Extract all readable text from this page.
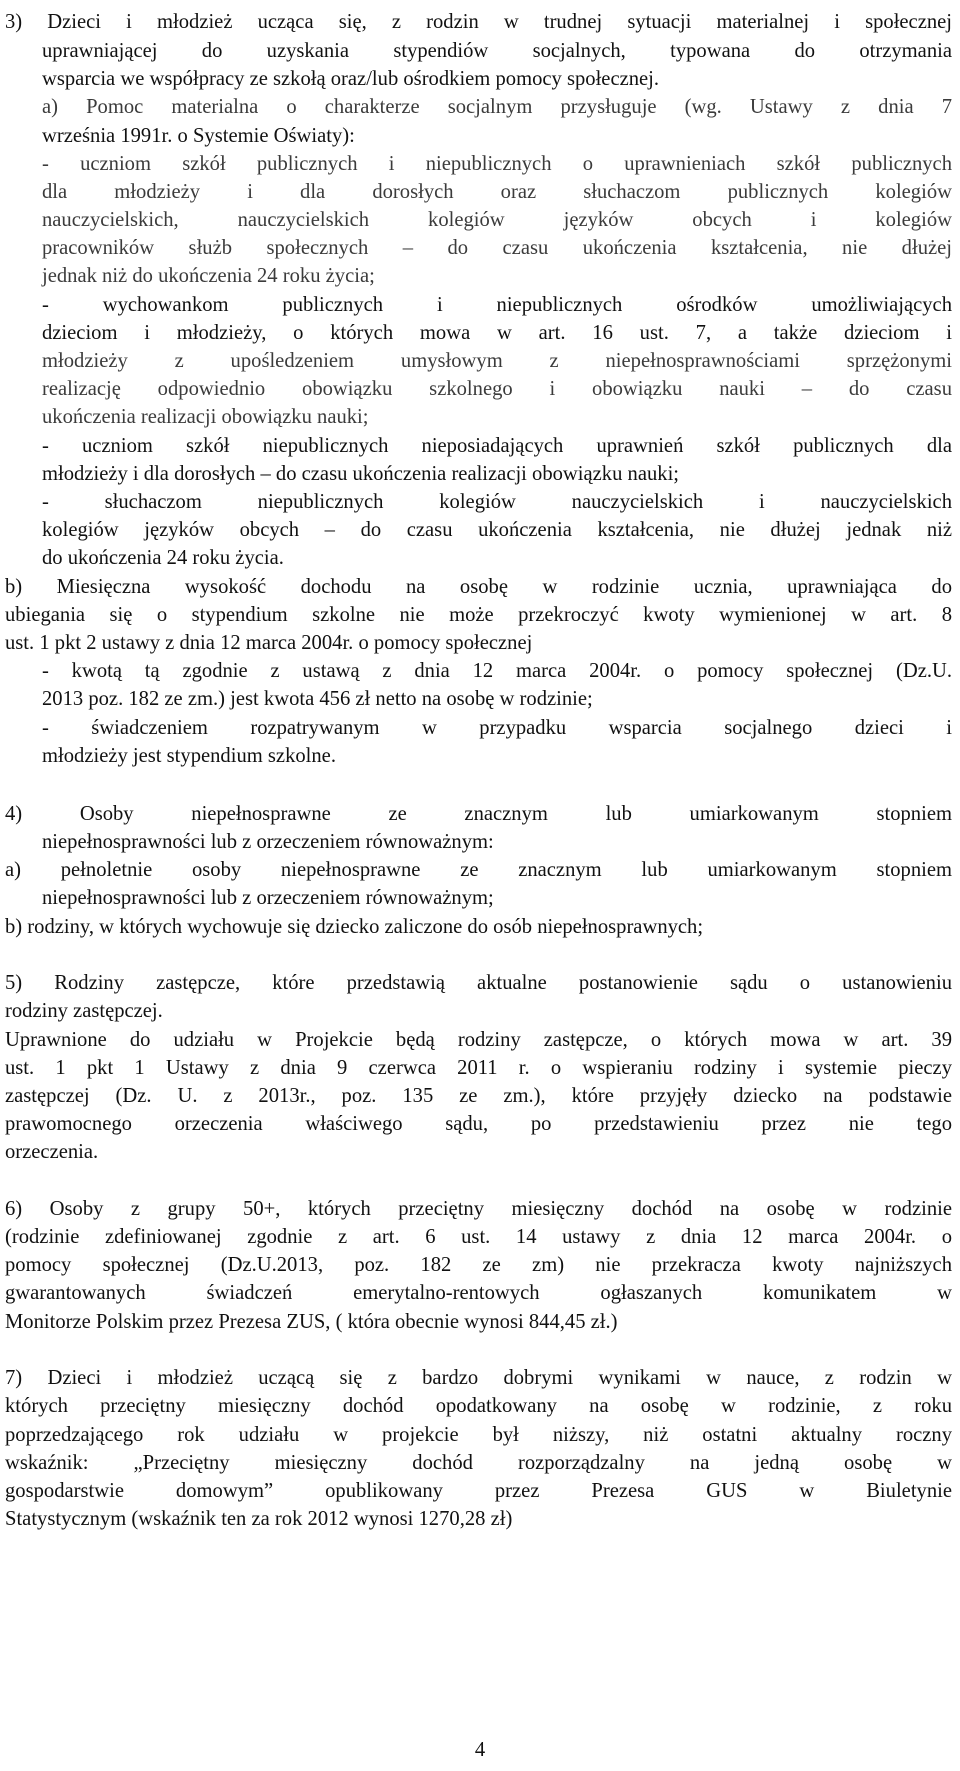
3) Dzieci i młodzież ucząca się, z rodzin w trudnej sytuacji materialnej i społecznej
uprawniającej do uzyskania stypendiów socjalnych, typowana do otrzymania
wsparcia we współpracy ze szkołą oraz/lub ośrodkiem pomocy społecznej.
a) Pomoc materialna o charakterze socjalnym przysługuje (wg. Ustawy z dnia 7
września 1991r. o Systemie Oświaty):
- uczniom szkół publicznych i niepublicznych o uprawnieniach szkół publicznych
dla młodzieży i dla dorosłych oraz słuchaczom publicznych kolegiów
nauczycielskich, nauczycielskich kolegiów języków obcych i kolegiów
pracowników służb społecznych – do czasu ukończenia kształcenia, nie dłużej
jednak niż do ukończenia 24 roku życia;
- wychowankom publicznych i niepublicznych ośrodków umożliwiających
dzieciom i młodzieży, o których mowa w art. 16 ust. 7, a także dzieciom i
młodzieży z upośledzeniem umysłowym z niepełnosprawnościami sprzężonymi
realizację odpowiednio obowiązku szkolnego i obowiązku nauki – do czasu
ukończenia realizacji obowiązku nauki;
- uczniom szkół niepublicznych nieposiadających uprawnień szkół publicznych dla
młodzieży i dla dorosłych – do czasu ukończenia realizacji obowiązku nauki;
- słuchaczom niepublicznych kolegiów nauczycielskich i nauczycielskich
kolegiów języków obcych – do czasu ukończenia kształcenia, nie dłużej jednak niż
do ukończenia 24 roku życia.
b) Miesięczna wysokość dochodu na osobę w rodzinie ucznia, uprawniająca do
ubiegania się o stypendium szkolne nie może przekroczyć kwoty wymienionej w art. 8
ust. 1 pkt 2 ustawy z dnia 12 marca 2004r. o pomocy społecznej
- kwotą tą zgodnie z ustawą z dnia 12 marca 2004r. o pomocy społecznej (Dz.U.
2013 poz. 182 ze zm.) jest kwota 456 zł netto na osobę w rodzinie;
- świadczeniem rozpatrywanym w przypadku wsparcia socjalnego dzieci i
młodzieży jest stypendium szkolne.
4) Osoby niepełnosprawne ze znacznym lub umiarkowanym stopniem
niepełnosprawności lub z orzeczeniem równoważnym:
a) pełnoletnie osoby niepełnosprawne ze znacznym lub umiarkowanym stopniem
niepełnosprawności lub z orzeczeniem równoważnym;
b) rodziny, w których wychowuje się dziecko zaliczone do osób niepełnosprawnych;
5) Rodziny zastępcze, które przedstawią aktualne postanowienie sądu o ustanowieniu
rodziny zastępczej.
Uprawnione do udziału w Projekcie będą rodziny zastępcze, o których mowa w art. 39
ust. 1 pkt 1 Ustawy z dnia 9 czerwca 2011 r. o wspieraniu rodziny i systemie pieczy
zastępczej (Dz. U. z 2013r., poz. 135 ze zm.), które przyjęły dziecko na podstawie
prawomocnego orzeczenia właściwego sądu, po przedstawieniu przez nie tego
orzeczenia.
6) Osoby z grupy 50+, których przeciętny miesięczny dochód na osobę w rodzinie
(rodzinie zdefiniowanej zgodnie z art. 6 ust. 14 ustawy z dnia 12 marca 2004r. o
pomocy społecznej (Dz.U.2013, poz. 182 ze zm) nie przekracza kwoty najniższych
gwarantowanych świadczeń emerytalno-rentowych ogłaszanych komunikatem w
Monitorze Polskim przez Prezesa ZUS, ( która obecnie wynosi 844,45 zł.)
7) Dzieci i młodzież uczącą się z bardzo dobrymi wynikami w nauce, z rodzin w
których przeciętny miesięczny dochód opodatkowany na osobę w rodzinie, z roku
poprzedzającego rok udziału w projekcie był niższy, niż ostatni aktualny roczny
wskaźnik: „Przeciętny miesięczny dochód rozporządzalny na jedną osobę w
gospodarstwie domowym” opublikowany przez Prezesa GUS w Biuletynie
Statystycznym (wskaźnik ten za rok 2012 wynosi 1270,28 zł)
4
